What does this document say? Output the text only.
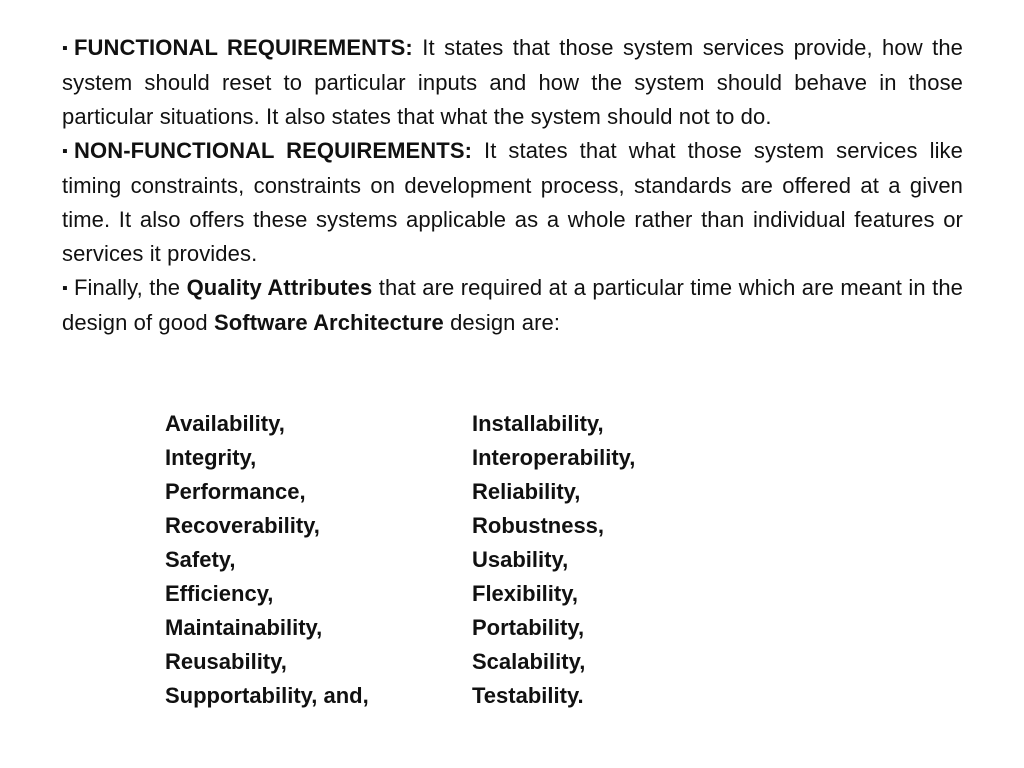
▪ FUNCTIONAL REQUIREMENTS: It states that those system services provide, how the system should reset to particular inputs and how the system should behave in those particular situations. It also states that what the system should not to do.

▪ NON-FUNCTIONAL REQUIREMENTS: It states that what those system services like timing constraints, constraints on development process, standards are offered at a given time. It also offers these systems applicable as a whole rather than individual features or services it provides.

▪ Finally, the Quality Attributes that are required at a particular time which are meant in the design of good Software Architecture design are:

Availability,	Installability,
Integrity,	Interoperability,
Performance,	Reliability,
Recoverability,	Robustness,
Safety,	Usability,
Efficiency,	Flexibility,
Maintainability,	Portability,
Reusability,	Scalability,
Supportability, and,	Testability.
